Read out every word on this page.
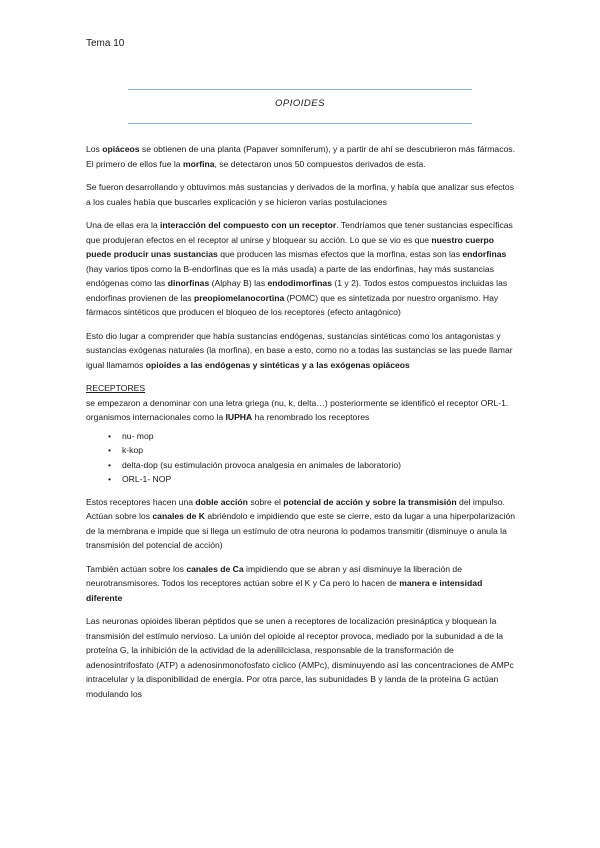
Tema 10
OPIOIDES

Los opiáceos se obtienen de una planta (Papaver somniferum), y a partir de ahí se descubrieron más fármacos. El primero de ellos fue la morfina, se detectaron unos 50 compuestos derivados de esta.

Se fueron desarrollando y obtuvimos más sustancias y derivados de la morfina, y había que analizar sus efectos a los cuales había que buscarles explicación y se hicieron varias postulaciones

Una de ellas era la interacción del compuesto con un receptor. Tendríamos que tener sustancias específicas que produjeran efectos en el receptor al unirse y bloquear su acción. Lo que se vio es que nuestro cuerpo puede producir unas sustancias que producen las mismas efectos que la morfina, estas son las endorfinas (hay varios tipos como la B-endorfinas que es la más usada) a parte de las endorfinas, hay más sustancias endógenas como las dinorfinas (Alphay B) las endodimorfinas (1 y 2). Todos estos compuestos incluidas las endorfinas provienen de las preopiomelanocortina (POMC) que es sintetizada por nuestro organismo. Hay fármacos sintéticos que producen el bloqueo de los receptores (efecto antagónico)

Esto dio lugar a comprender que había sustancias endógenas, sustancias sintéticas como los antagonistas y sustancias exógenas naturales (la morfina), en base a esto, como no a todas las sustancias se las puede llamar igual llamamos opioides a las endógenas y sintéticas y a las exógenas opiáceos

RECEPTORES
se empezaron a denominar con una letra griega (nu, k, delta…) posteriormente se identificó el receptor ORL-1. organismos internacionales como la IUPHA ha renombrado los receptores
• nu- mop
• k-kop
• delta-dop (su estimulación provoca analgesia en animales de laboratorio)
• ORL-1- NOP

Estos receptores hacen una doble acción sobre el potencial de acción y sobre la transmisión del impulso. Actúan sobre los canales de K abriéndolo e impidiendo que este se cierre, esto da lugar a una hiperpolarización de la membrana e impide que si llega un estímulo de otra neurona lo podamos transmitir (disminuye o anula la transmisión del potencial de acción)

También actúan sobre los canales de Ca impidiendo que se abran y así disminuye la liberación de neurotransmisores. Todos los receptores actúan sobre el K y Ca pero lo hacen de manera e intensidad diferente

Las neuronas opioides liberan péptidos que se unen a receptores de localización presináptica y bloquean la transmisión del estímulo nervioso. La unión del opioide al receptor provoca, mediado por la subunidad a de la proteína G, la inhibición de la actividad de la adenililciclasa, responsable de la transformación de adenosintrifosfato (ATP) a adenosinmonofosfato cíclico (AMPc), disminuyendo así las concentraciones de AMPc intracelular y la disponibilidad de energía. Por otra parce, las subunidades B y landa de la proteína G actúan modulando los
